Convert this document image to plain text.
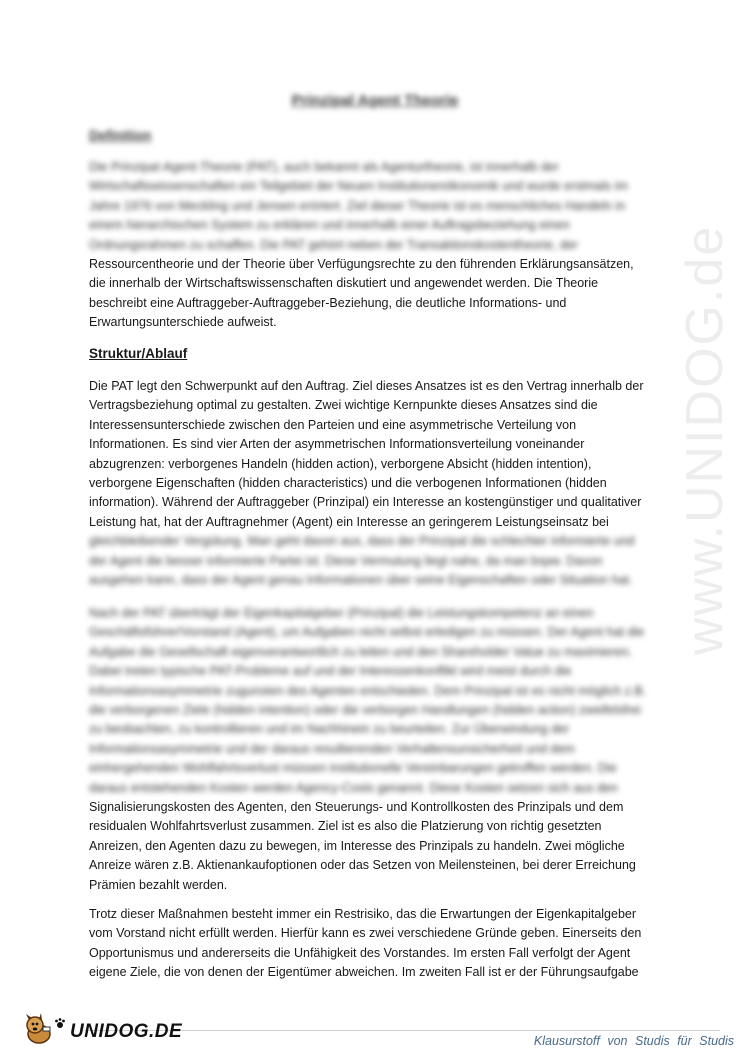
www.UNIDOG.de
Prinzipal Agent Theorie
Definition
Die Prinzipal-Agent-Theorie (PAT), auch bekannt als Agenturtheorie, ist innerhalb der
Wirtschaftswissenschaften ein Teilgebiet der Neuen Institutionenökonomik und wurde erstmals im
Jahre 1976 von Meckling und Jensen erörtert. Ziel dieser Theorie ist es menschliches Handeln in
einem hierarchischen System zu erklären und innerhalb einer Auftragsbeziehung einen
Ordnungsrahmen zu schaffen. Die PAT gehört neben der Transaktionskostentheorie, der
Ressourcentheorie und der Theorie über Verfügungsrechte zu den führenden Erklärungsansätzen,
die innerhalb der Wirtschaftswissenschaften diskutiert und angewendet werden. Die Theorie
beschreibt eine Auftraggeber-Auftraggeber-Beziehung, die deutliche Informations- und
Erwartungsunterschiede aufweist.
Struktur/Ablauf
Die PAT legt den Schwerpunkt auf den Auftrag. Ziel dieses Ansatzes ist es den Vertrag innerhalb der
Vertragsbeziehung optimal zu gestalten. Zwei wichtige Kernpunkte dieses Ansatzes sind die
Interessensunterschiede zwischen den Parteien und eine asymmetrische Verteilung von
Informationen. Es sind vier Arten der asymmetrischen Informationsverteilung voneinander
abzugrenzen: verborgenes Handeln (hidden action), verborgene Absicht (hidden intention),
verborgene Eigenschaften (hidden characteristics) und die verbogenen Informationen (hidden
information). Während der Auftraggeber (Prinzipal) ein Interesse an kostengünstiger und qualitativer
Leistung hat, hat der Auftragnehmer (Agent) ein Interesse an geringerem Leistungseinsatz bei
gleichbleibender Vergütung. Man geht davon aus, dass der Prinzipal die schlechter informierte und
der Agent die besser informierte Partei ist. Diese Vermutung liegt nahe, da man bspw. Davon
ausgehen kann, dass der Agent genau Informationen über seine Eigenschaften oder Situation hat.
Nach der PAT überträgt der Eigenkapitalgeber (Prinzipal) die Leistungskompetenz an einen
Geschäftsführer/Vorstand (Agent), um Aufgaben nicht selbst erledigen zu müssen. Der Agent hat die
Aufgabe die Gesellschaft eigenverantwortlich zu leiten und den Shareholder Value zu maximieren.
Dabei treten typische PAT-Probleme auf und der Interessenkonflikt wird meist durch die
Informationsasymmetrie zugunsten des Agenten entschieden. Dem Prinzipal ist es nicht möglich z.B.
die verborgenen Ziele (hidden intention) oder die verborgen Handlungen (hidden action) zweifelsfrei
zu beobachten, zu kontrollieren und im Nachhinein zu beurteilen. Zur Überwindung der
Informationsasymmetrie und der daraus resultierenden Verhaltensunsicherheit und dem
einhergehenden Wohlfahrtsverlust müssen institutionelle Vereinbarungen getroffen werden. Die
daraus entstehenden Kosten werden Agency-Costs genannt. Diese Kosten setzen sich aus den
Signalisierungskosten des Agenten, den Steuerungs- und Kontrollkosten des Prinzipals und dem
residualen Wohlfahrtsverlust zusammen. Ziel ist es also die Platzierung von richtig gesetzten
Anreizen, den Agenten dazu zu bewegen, im Interesse des Prinzipals zu handeln. Zwei mögliche
Anreize wären z.B. Aktienankaufoptionen oder das Setzen von Meilensteinen, bei derer Erreichung
Prämien bezahlt werden.
Trotz dieser Maßnahmen besteht immer ein Restrisiko, das die Erwartungen der Eigenkapitalgeber
vom Vorstand nicht erfüllt werden. Hierfür kann es zwei verschiedene Gründe geben. Einerseits den
Opportunismus und andererseits die Unfähigkeit des Vorstandes. Im ersten Fall verfolgt der Agent
eigene Ziele, die von denen der Eigentümer abweichen. Im zweiten Fall ist er der Führungsaufgabe
UNIDOG.DE	Klausurstoff von Studis für Studis
